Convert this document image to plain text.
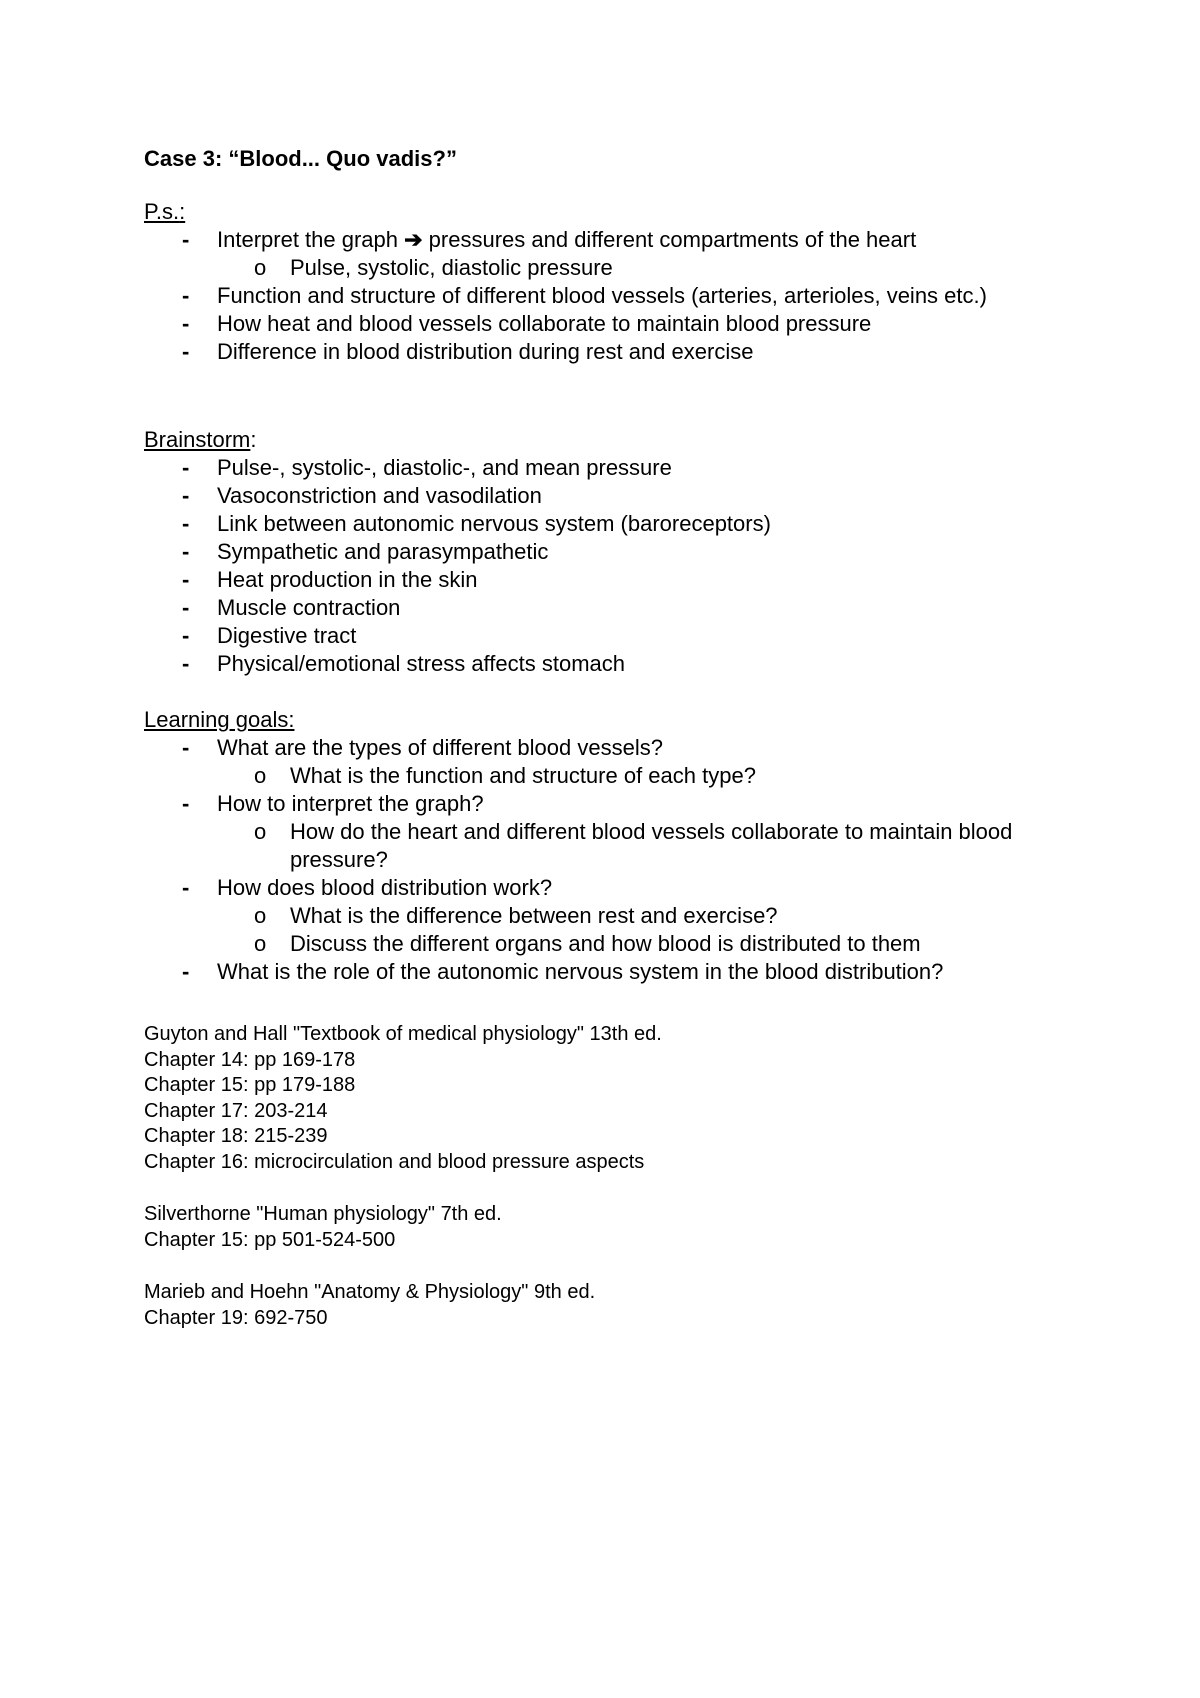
Case 3: “Blood... Quo vadis?”

P.s.:

- Interpret the graph ➔ pressures and different compartments of the heart
o Pulse, systolic, diastolic pressure
- Function and structure of different blood vessels (arteries, arterioles, veins etc.)
- How heat and blood vessels collaborate to maintain blood pressure
- Difference in blood distribution during rest and exercise

Brainstorm:

- Pulse-, systolic-, diastolic-, and mean pressure
- Vasoconstriction and vasodilation
- Link between autonomic nervous system (baroreceptors)
- Sympathetic and parasympathetic
- Heat production in the skin
- Muscle contraction
- Digestive tract
- Physical/emotional stress affects stomach

Learning goals:

- What are the types of different blood vessels?
o What is the function and structure of each type?
- How to interpret the graph?
o How do the heart and different blood vessels collaborate to maintain blood pressure?
- How does blood distribution work?
o What is the difference between rest and exercise?
o Discuss the different organs and how blood is distributed to them
- What is the role of the autonomic nervous system in the blood distribution?
Guyton and Hall "Textbook of medical physiology" 13th ed.
Chapter 14: pp 169-178
Chapter 15: pp 179-188
Chapter 17: 203-214
Chapter 18: 215-239
Chapter 16: microcirculation and blood pressure aspects
Silverthorne "Human physiology" 7th ed.
Chapter 15: pp 501-524-500
Marieb and Hoehn "Anatomy & Physiology" 9th ed.
Chapter 19: 692-750
